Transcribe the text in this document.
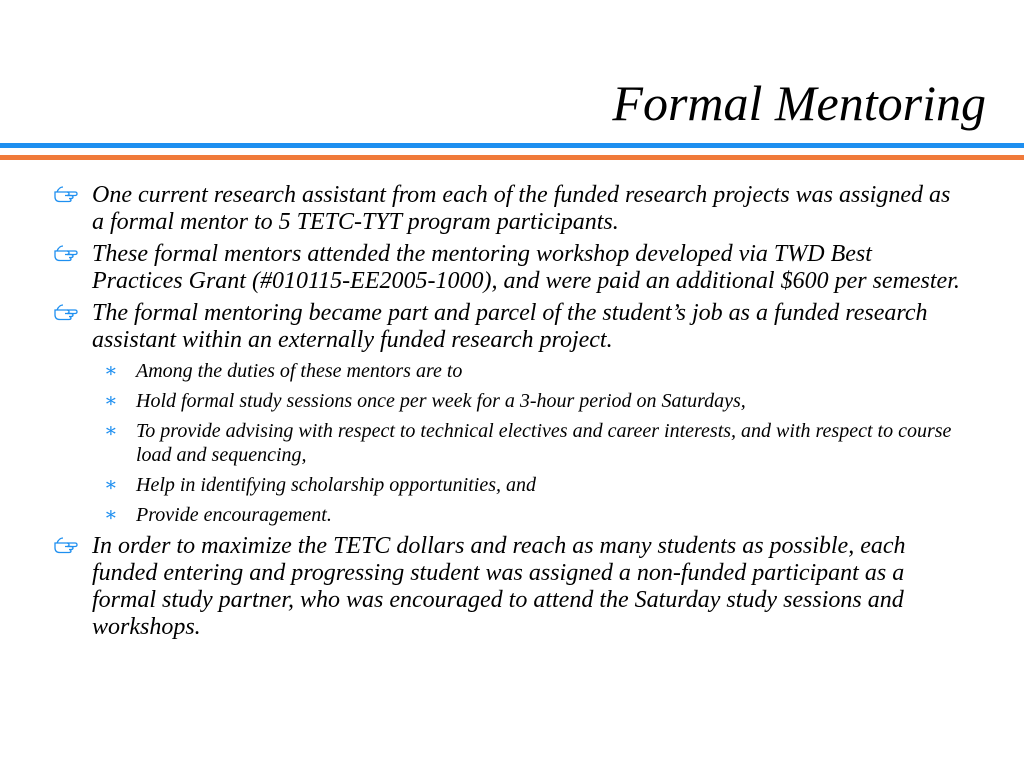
Formal Mentoring
One current research assistant from each of the funded research projects was assigned as a formal mentor to 5 TETC-TYT program participants.
These formal mentors attended the mentoring workshop developed via TWD Best Practices Grant (#010115-EE2005-1000), and were paid an additional $600 per semester.
The formal mentoring became part and parcel of the student’s job as a funded research assistant within an externally funded research project.
∗ Among the duties of these mentors are to
∗ Hold formal study sessions once per week for a 3-hour period on Saturdays,
∗ To provide advising with respect to technical electives and career interests, and with respect to course load and sequencing,
∗ Help in identifying scholarship opportunities, and
∗ Provide encouragement.
In order to maximize the TETC dollars and reach as many students as possible, each funded entering and progressing student was assigned a non-funded participant as a formal study partner, who was encouraged to attend the Saturday study sessions and workshops.
